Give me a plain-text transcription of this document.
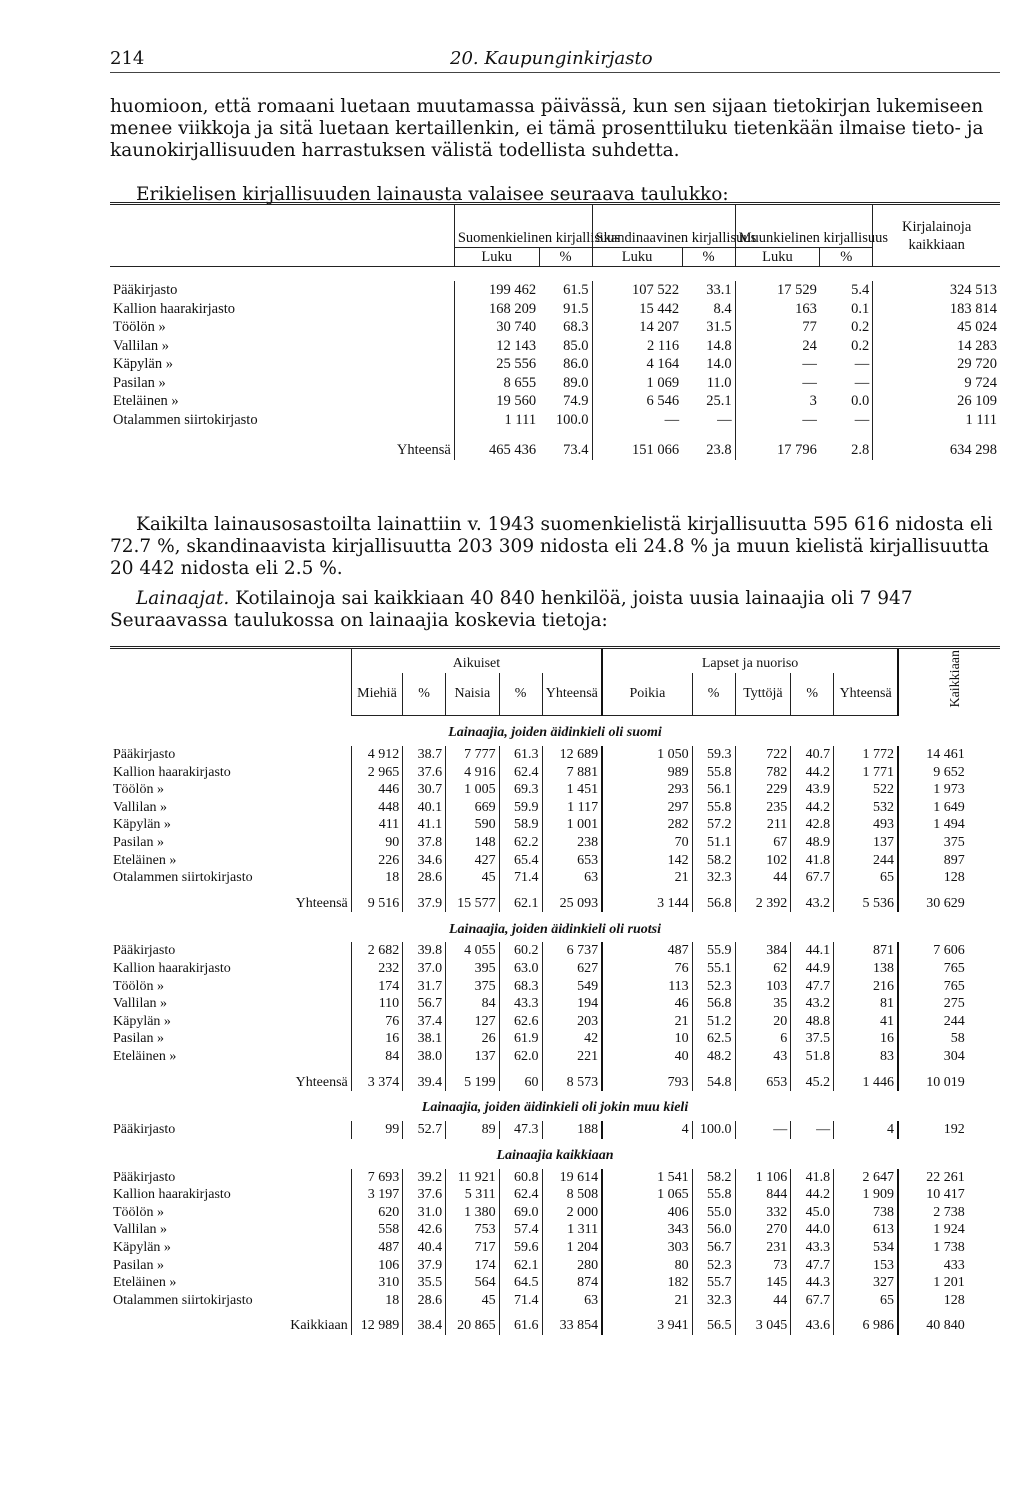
214	20. Kaupunginkirjasto

huomioon, että romaani luetaan muutamassa päivässä, kun sen sijaan tietokirjan lukemiseen menee viikkoja ja sitä luetaan kertaillenkin, ei tämä prosenttiluku tietenkään ilmaise tieto- ja kaunokirjallisuuden harrastuksen välistä todellista suhdetta.

Erikielisen kirjallisuuden lainausta valaisee seuraava taulukko:

	Suomenkielinen kirjallisuus		Skandinaavinen kirjallisuus		Muunkielinen kirjallisuus		Kirjalainoja kaikkiaan
	Luku	%	Luku	%	Luku	%	

Pääkirjasto	199 462	61.5	107 522	33.1	17 529	5.4	324 513
Kallion haarakirjasto	168 209	91.5	15 442	8.4	163	0.1	183 814
Töölön »	30 740	68.3	14 207	31.5	77	0.2	45 024
Vallilan »	12 143	85.0	2 116	14.8	24	0.2	14 283
Käpylän »	25 556	86.0	4 164	14.0	—	—	29 720
Pasilan »	8 655	89.0	1 069	11.0	—	—	9 724
Eteläinen »	19 560	74.9	6 546	25.1	3	0.0	26 109
Otalammen siirtokirjasto	1 111	100.0	—	—	—	—	1 111
Yhteensä	465 436	73.4	151 066	23.8	17 796	2.8	634 298

Kaikilta lainausosastoilta lainattiin v. 1943 suomenkielistä kirjallisuutta 595 616 nidosta eli 72.7 %, skandinaavista kirjallisuutta 203 309 nidosta eli 24.8 % ja muun kielistä kirjallisuutta 20 442 nidosta eli 2.5 %.

Lainaajat. Kotilainoja sai kaikkiaan 40 840 henkilöä, joista uusia lainaajia oli 7 947

Seuraavassa taulukossa on lainaajia koskevia tietoja:

	Aikuiset					Lapset ja nuoriso					Kaikkiaan	
	Miehiä	%	Naisia	%	Yhteensä	Poikia	%	Tyttöjä	%	Yhteensä		
Lainaajia, joiden äidinkieli oli suomi												
Pääkirjasto	4 912	38.7	7 777	61.3	12 689	1 050	59.3	722	40.7	1 772	14 461	
Kallion haarakirjasto	2 965	37.6	4 916	62.4	7 881	989	55.8	782	44.2	1 771	9 652	
Töölön »	446	30.7	1 005	69.3	1 451	293	56.1	229	43.9	522	1 973	
Vallilan »	448	40.1	669	59.9	1 117	297	55.8	235	44.2	532	1 649	
Käpylän »	411	41.1	590	58.9	1 001	282	57.2	211	42.8	493	1 494	
Pasilan »	90	37.8	148	62.2	238	70	51.1	67	48.9	137	375	
Eteläinen »	226	34.6	427	65.4	653	142	58.2	102	41.8	244	897	
Otalammen siirtokirjasto	18	28.6	45	71.4	63	21	32.3	44	67.7	65	128	
Yhteensä	9 516	37.9	15 577	62.1	25 093	3 144	56.8	2 392	43.2	5 536	30 629	
Lainaajia, joiden äidinkieli oli ruotsi												
Pääkirjasto	2 682	39.8	4 055	60.2	6 737	487	55.9	384	44.1	871	7 606	
Kallion haarakirjasto	232	37.0	395	63.0	627	76	55.1	62	44.9	138	765	
Töölön »	174	31.7	375	68.3	549	113	52.3	103	47.7	216	765	
Vallilan »	110	56.7	84	43.3	194	46	56.8	35	43.2	81	275	
Käpylän »	76	37.4	127	62.6	203	21	51.2	20	48.8	41	244	
Pasilan »	16	38.1	26	61.9	42	10	62.5	6	37.5	16	58	
Eteläinen »	84	38.0	137	62.0	221	40	48.2	43	51.8	83	304	
Yhteensä	3 374	39.4	5 199	60	8 573	793	54.8	653	45.2	1 446	10 019	
Lainaajia, joiden äidinkieli oli jokin muu kieli												
Pääkirjasto	99	52.7	89	47.3	188	4	100.0	—	—	4	192	
Lainaajia kaikkiaan												
Pääkirjasto	7 693	39.2	11 921	60.8	19 614	1 541	58.2	1 106	41.8	2 647	22 261	
Kallion haarakirjasto	3 197	37.6	5 311	62.4	8 508	1 065	55.8	844	44.2	1 909	10 417	
Töölön »	620	31.0	1 380	69.0	2 000	406	55.0	332	45.0	738	2 738	
Vallilan »	558	42.6	753	57.4	1 311	343	56.0	270	44.0	613	1 924	
Käpylän »	487	40.4	717	59.6	1 204	303	56.7	231	43.3	534	1 738	
Pasilan »	106	37.9	174	62.1	280	80	52.3	73	47.7	153	433	
Eteläinen »	310	35.5	564	64.5	874	182	55.7	145	44.3	327	1 201	
Otalammen siirtokirjasto	18	28.6	45	71.4	63	21	32.3	44	67.7	65	128	
Kaikkiaan	12 989	38.4	20 865	61.6	33 854	3 941	56.5	3 045	43.6	6 986	40 840	
